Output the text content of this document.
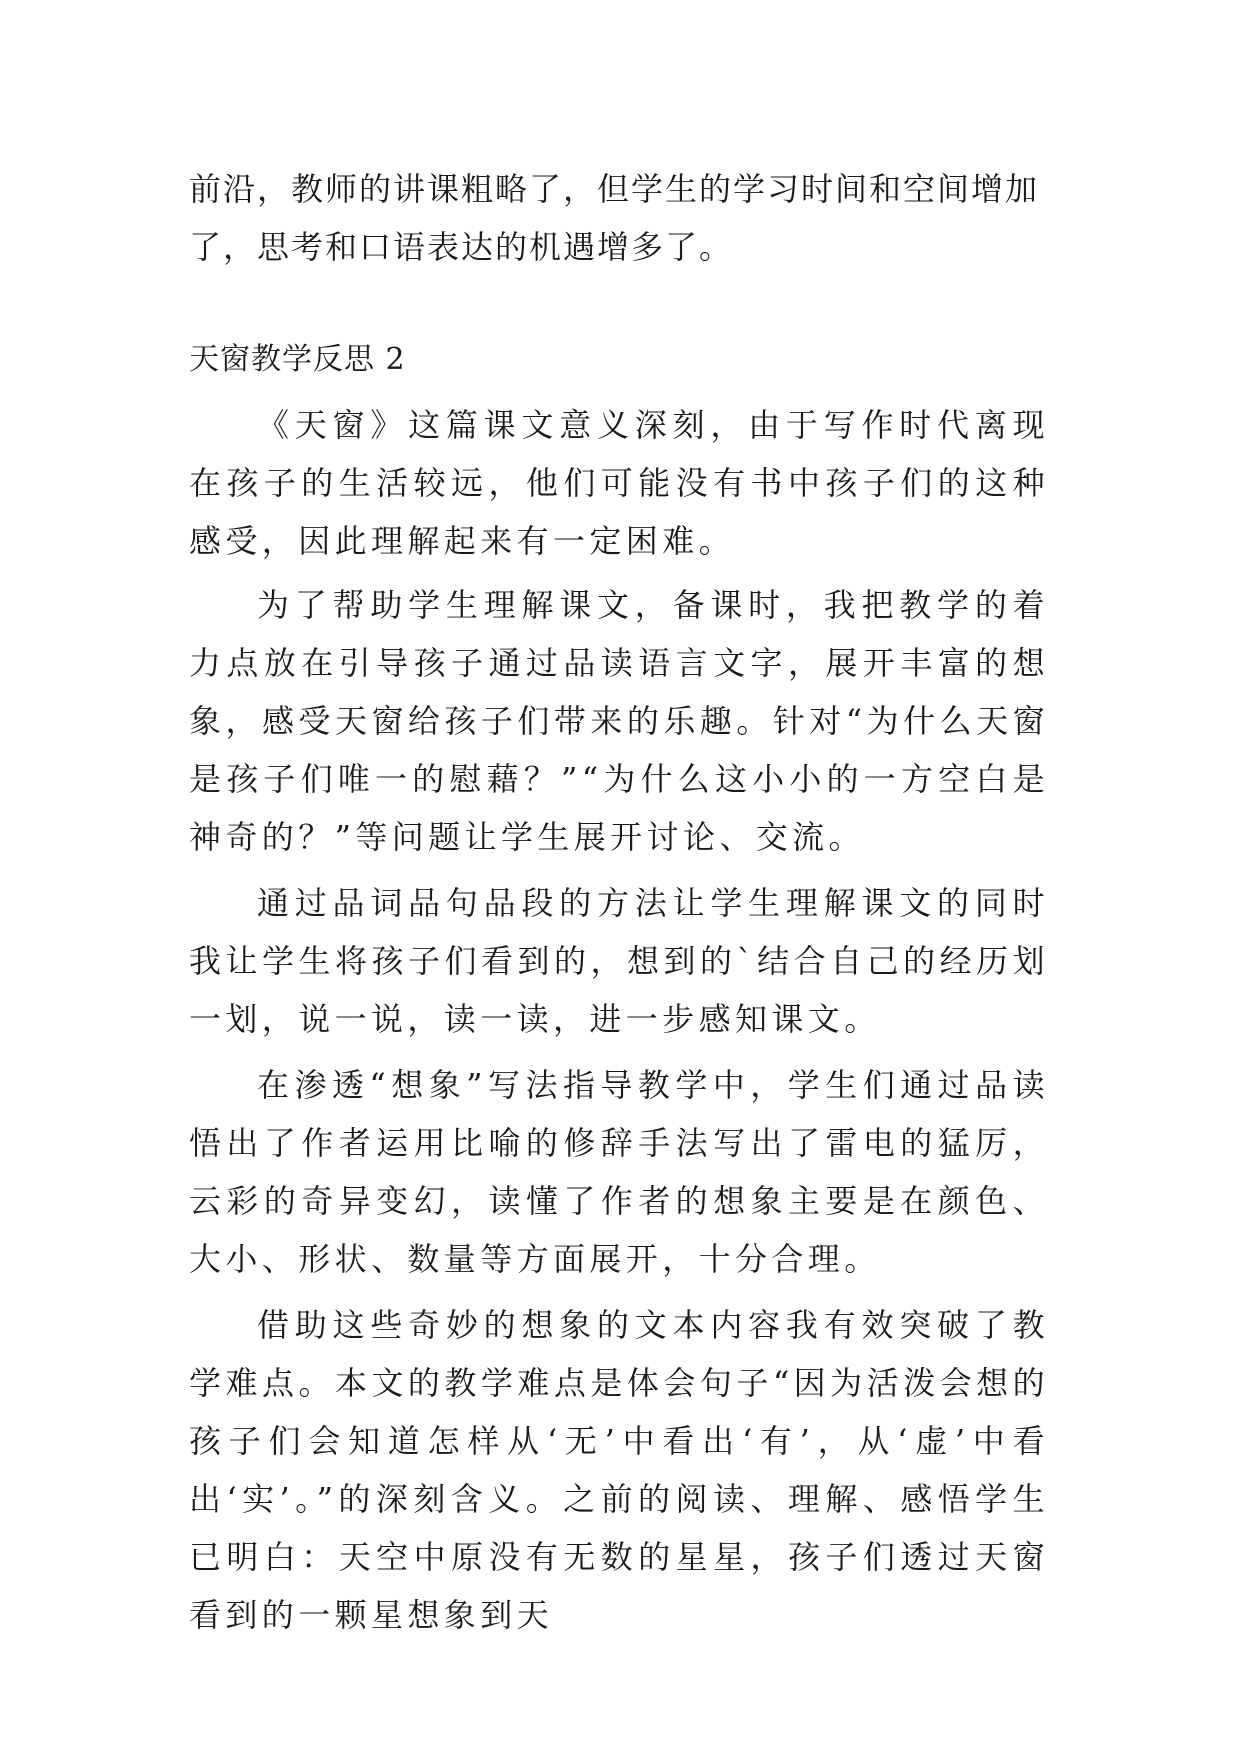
前沿，教师的讲课粗略了，但学生的学习时间和空间增加了，思考和口语表达的机遇增多了。

天窗教学反思 2

《天窗》这篇课文意义深刻，由于写作时代离现在孩子的生活较远，他们可能没有书中孩子们的这种感受，因此理解起来有一定困难。

为了帮助学生理解课文，备课时，我把教学的着力点放在引导孩子通过品读语言文字，展开丰富的想象，感受天窗给孩子们带来的乐趣。针对“为什么天窗是孩子们唯一的慰藉？”“为什么这小小的一方空白是神奇的？”等问题让学生展开讨论、交流。

通过品词品句品段的方法让学生理解课文的同时我让学生将孩子们看到的，想到的`结合自己的经历划一划，说一说，读一读，进一步感知课文。

在渗透“想象”写法指导教学中，学生们通过品读悟出了作者运用比喻的修辞手法写出了雷电的猛厉，云彩的奇异变幻，读懂了作者的想象主要是在颜色、大小、形状、数量等方面展开，十分合理。

借助这些奇妙的想象的文本内容我有效突破了教学难点。本文的教学难点是体会句子“因为活泼会想的孩子们会知道怎样从‘无’中看出‘有’，从‘虚’中看出‘实’。”的深刻含义。之前的阅读、理解、感悟学生已明白：天空中原没有无数的星星，孩子们透过天窗看到的一颗星想象到天
